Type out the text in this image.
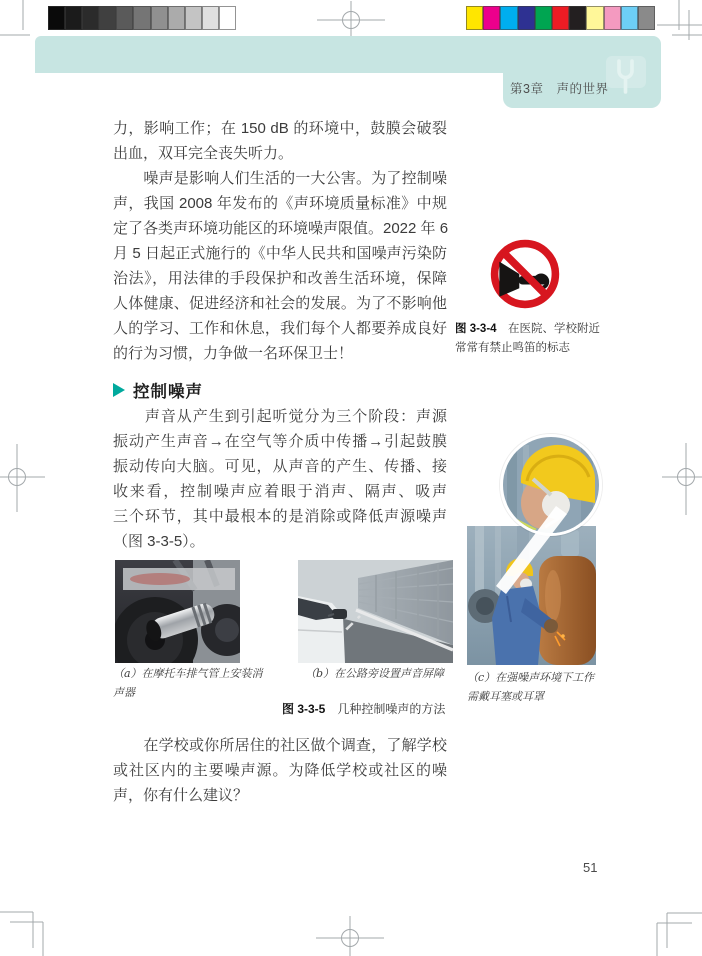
第3章　声的世界
力，影响工作；在 150 dB 的环境中，鼓膜会破裂
出血，双耳完全丧失听力。
　　噪声是影响人们生活的一大公害。为了控制噪
声，我国 2008 年发布的《声环境质量标准》中规
定了各类声环境功能区的环境噪声限值。2022 年 6
月 5 日起正式施行的《中华人民共和国噪声污染防
治法》，用法律的手段保护和改善生活环境，保障
人体健康、促进经济和社会的发展。为了不影响他
人的学习、工作和休息，我们每个人都要养成良好
的行为习惯，力争做一名环保卫士！
控制噪声
　　声音从产生到引起听觉分为三个阶段：声源
振动产生声音→在空气等介质中传播→引起鼓膜
振动传向大脑。可见，从声音的产生、传播、接
收来看，控制噪声应着眼于消声、隔声、吸声
三个环节，其中最根本的是消除或降低声源噪声
（图 3-3-5）。
图 3-3-4　 在医院、学校附近
常常有禁止鸣笛的标志
（a）在摩托车排气管上安装消
声器
（b）在公路旁设置声音屏障	（c）在强噪声环境下工作
需戴耳塞或耳罩
图 3-3-5　 几种控制噪声的方法
　　在学校或你所居住的社区做个调查，了解学校
或社区内的主要噪声源。为降低学校或社区的噪
声，你有什么建议？
51
